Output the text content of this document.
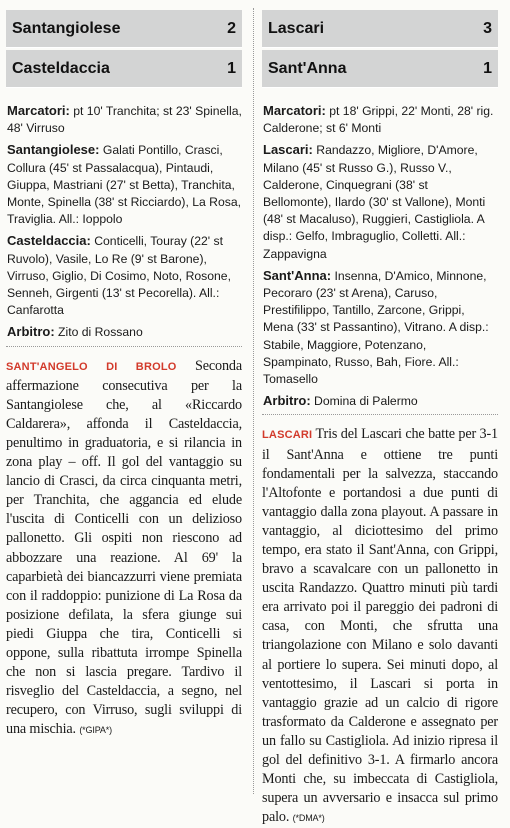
Santangiolese	2
Casteldaccia	1

Marcatori: pt 10' Tranchita; st 23' Spinella, 48' Virruso

Santangiolese: Galati Pontillo, Crasci, Collura (45' st Passalacqua), Pintaudi, Giuppa, Mastriani (27' st Betta), Tranchita, Monte, Spinella (38' st Ricciardo), La Rosa, Traviglia. All.: Ioppolo

Casteldaccia: Conticelli, Touray (22' st Ruvolo), Vasile, Lo Re (9' st Barone), Virruso, Giglio, Di Cosimo, Noto, Rosone, Senneh, Girgenti (13' st Pecorella). All.: Canfarotta

Arbitro: Zito di Rossano

SANT'ANGELO DI BROLO Seconda affermazione consecutiva per la Santangiolese che, al «Riccardo Caldarera», affonda il Casteldaccia, penultimo in graduatoria, e si rilancia in zona play – off. Il gol del vantaggio su lancio di Crasci, da circa cinquanta metri, per Tranchita, che aggancia ed elude l'uscita di Conticelli con un delizioso pallonetto. Gli ospiti non riescono ad abbozzare una reazione. Al 69' la caparbietà dei biancazzurri viene premiata con il raddoppio: punizione di La Rosa da posizione defilata, la sfera giunge sui piedi Giuppa che tira, Conticelli si oppone, sulla ribattuta irrompe Spinella che non si lascia pregare. Tardivo il risveglio del Casteldaccia, a segno, nel recupero, con Virruso, sugli sviluppi di una mischia. (*GIPA*)
Lascari	3
Sant'Anna	1

Marcatori: pt 18' Grippi, 22' Monti, 28' rig. Calderone; st 6' Monti

Lascari: Randazzo, Migliore, D'Amore, Milano (45' st Russo G.), Russo V., Calderone, Cinquegrani (38' st Bellomonte), Ilardo (30' st Vallone), Monti (48' st Macaluso), Ruggieri, Castigliola. A disp.: Gelfo, Imbraguglio, Colletti. All.: Zappavigna

Sant'Anna: Insenna, D'Amico, Minnone, Pecoraro (23' st Arena), Caruso, Prestifilippo, Tantillo, Zarcone, Grippi, Mena (33' st Passantino), Vitrano. A disp.: Stabile, Maggiore, Potenzano, Spampinato, Russo, Bah, Fiore. All.: Tomasello

Arbitro: Domina di Palermo

LASCARI Tris del Lascari che batte per 3-1 il Sant'Anna e ottiene tre punti fondamentali per la salvezza, staccando l'Altofonte e portandosi a due punti di vantaggio dalla zona playout. A passare in vantaggio, al diciottesimo del primo tempo, era stato il Sant'Anna, con Grippi, bravo a scavalcare con un pallonetto in uscita Randazzo. Quattro minuti più tardi era arrivato poi il pareggio dei padroni di casa, con Monti, che sfrutta una triangolazione con Milano e solo davanti al portiere lo supera. Sei minuti dopo, al ventottesimo, il Lascari si porta in vantaggio grazie ad un calcio di rigore trasformato da Calderone e assegnato per un fallo su Castigliola. Ad inizio ripresa il gol del definitivo 3-1. A firmarlo ancora Monti che, su imbeccata di Castigliola, supera un avversario e insacca sul primo palo. (*DMA*)
